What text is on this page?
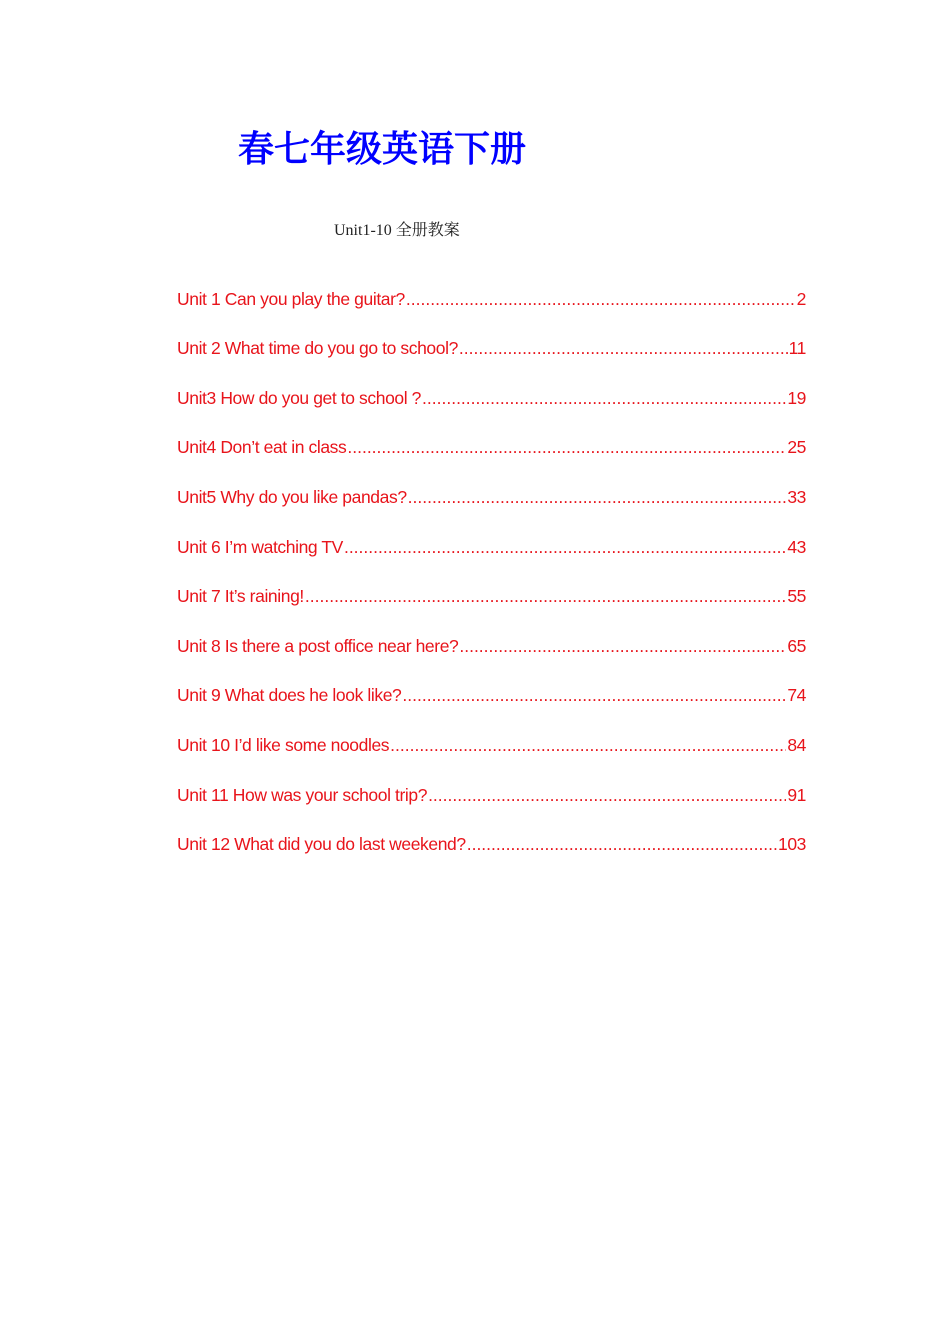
春七年级英语下册

Unit1-10 全册教案

Unit 1 Can you play the guitar? .....	2
Unit 2 What time do you go to school? .....	11
Unit3 How do you get to school ? .....	19
Unit4 Don’t eat in class .....	25
Unit5 Why do you like pandas? .....	33
Unit 6 I’m watching TV .....	43
Unit 7 It’s raining! .....	55
Unit 8 Is there a post office near here? .....	65
Unit 9 What does he look like? .....	74
Unit 10 I’d like some noodles .....	84
Unit 11 How was your school trip? .....	91
Unit 12 What did you do last weekend? .....	103
